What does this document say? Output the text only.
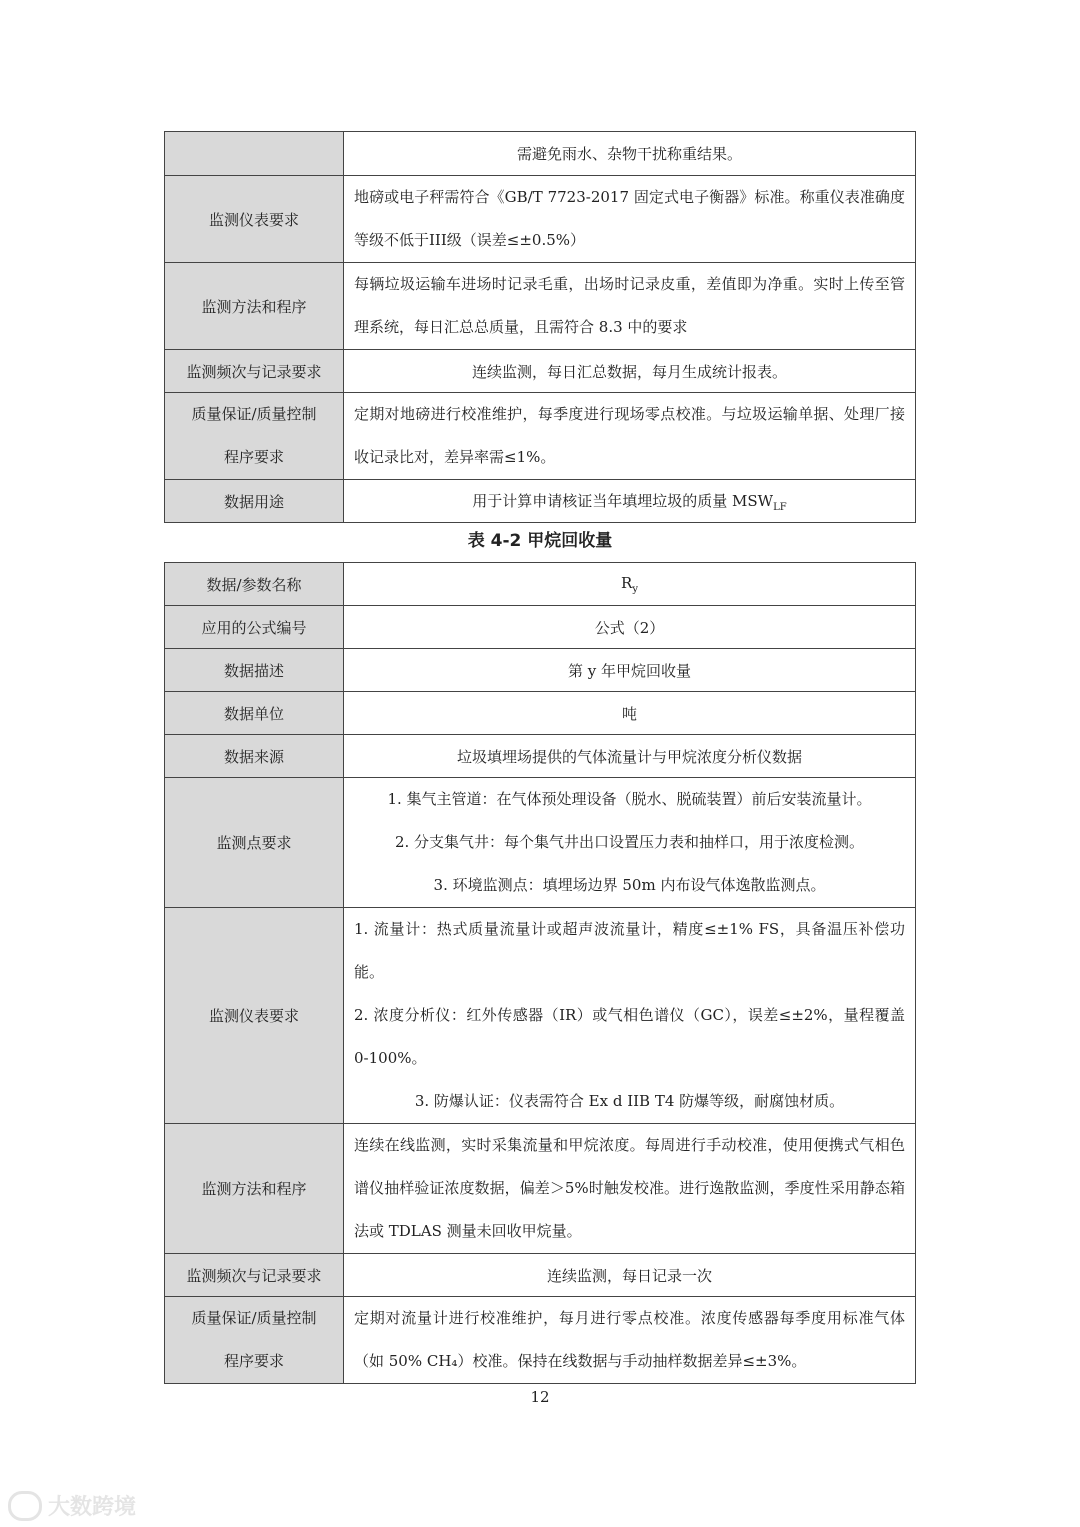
	需避免雨水、杂物干扰称重结果。
监测仪表要求	地磅或电子秤需符合《GB/T 7723-2017 固定式电子衡器》标准。称重仪表准确度等级不低于III级（误差≤±0.5%）
监测方法和程序	每辆垃圾运输车进场时记录毛重，出场时记录皮重，差值即为净重。实时上传至管理系统，每日汇总总质量，且需符合 8.3 中的要求
监测频次与记录要求	连续监测，每日汇总数据，每月生成统计报表。

质量保证/质量控制
程序要求	定期对地磅进行校准维护，每季度进行现场零点校准。与垃圾运输单据、处理厂接收记录比对，差异率需≤1%。
数据用途	用于计算申请核证当年填埋垃圾的质量 $MSW_{LF}$
表 4-2 甲烷回收量
数据/参数名称	$R_y$
应用的公式编号	公式（2）
数据描述	第 y 年甲烷回收量
数据单位	吨
数据来源	垃圾填埋场提供的气体流量计与甲烷浓度分析仪数据
监测点要求	1. 集气主管道：在气体预处理设备（脱水、脱硫装置）前后安装流量计。

2. 分支集气井：每个集气井出口设置压力表和抽样口，用于浓度检测。

3. 环境监测点：填埋场边界 50m 内布设气体逸散监测点。

监测仪表要求	1. 流量计：热式质量流量计或超声波流量计，精度≤±1% FS，具备温压补偿功能。

2. 浓度分析仪：红外传感器（IR）或气相色谱仪（GC），误差≤±2%，量程覆盖 0-100%。

3. 防爆认证：仪表需符合 Ex d IIB T4 防爆等级，耐腐蚀材质。

监测方法和程序	连续在线监测，实时采集流量和甲烷浓度。每周进行手动校准，使用便携式气相色谱仪抽样验证浓度数据，偏差＞5%时触发校准。进行逸散监测，季度性采用静态箱法或 TDLAS 测量未回收甲烷量。
监测频次与记录要求	连续监测，每日记录一次

质量保证/质量控制
程序要求	定期对流量计进行校准维护，每月进行零点校准。浓度传感器每季度用标准气体（如 50% CH₄）校准。保持在线数据与手动抽样数据差异≤±3%。
12
大数跨境
